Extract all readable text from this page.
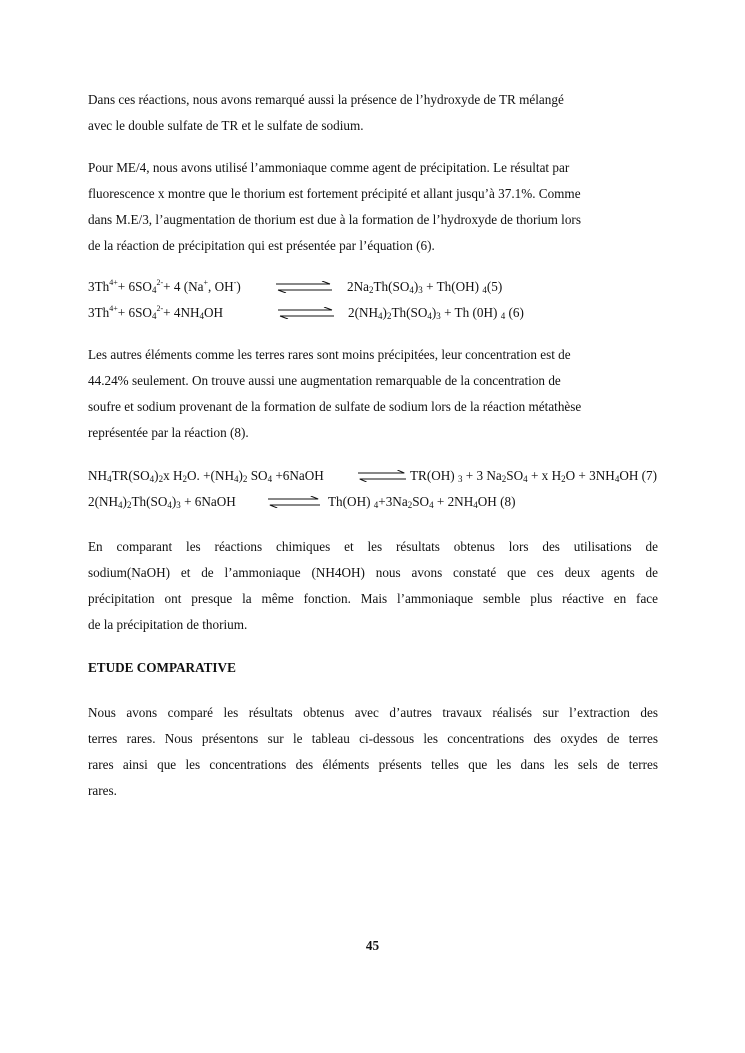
Dans ces réactions, nous avons remarqué aussi la présence de l’hydroxyde de TR mélangé
avec le double sulfate de TR et le sulfate de sodium.
Pour ME/4, nous avons utilisé l’ammoniaque comme agent de précipitation. Le résultat par
fluorescence x montre que le thorium est fortement précipité et allant jusqu’à 37.1%. Comme
dans M.E/3, l’augmentation de thorium est due à la formation de l’hydroxyde de thorium lors
de la réaction de précipitation qui est présentée par l’équation (6).
$3Th^{4+}+ 6SO_4^{2-}+ 4$ (Na+, OH-)	$2Na_2Th(SO_4)_3 + Th(OH)$ $_4$(5)
$3Th^{4+}+ 6SO_4^{2-}+ 4NH_4OH$	$2(NH_4)_2Th(SO_4)_3 + Th$ (0H) $_4$ (6)
Les autres éléments comme les terres rares sont moins précipitées, leur concentration est de
44.24% seulement. On trouve aussi une augmentation remarquable de la concentration de
soufre et sodium provenant de la formation de sulfate de sodium lors de la réaction métathèse
représentée par la réaction (8).
$NH_4TR(SO_4)_2x$ $H_2O$. $+(NH_4)_2$ $SO_4$ +6NaOH	⇌ TR(OH) $_3$ + 3 $Na_2SO_4 + x$ $H_2O + 3NH_4OH$ (7)
$2(NH_4)_2Th(SO_4)_3$ + 6NaOH ⇌ Th(OH) $_4+3Na_2SO_4 + 2NH_4OH$ (8)
En comparant les réactions chimiques et les résultats obtenus lors des utilisations de
sodium(NaOH) et de l’ammoniaque (NH4OH) nous avons constaté que ces deux agents de
précipitation ont presque la même fonction. Mais l’ammoniaque semble plus réactive en face
de la précipitation de thorium.
ETUDE COMPARATIVE
Nous avons comparé les résultats obtenus avec d’autres travaux réalisés sur l’extraction des
terres rares. Nous présentons sur le tableau ci-dessous les concentrations des oxydes de terres
rares ainsi que les concentrations des éléments présents telles que les dans les sels de terres
rares.
45
